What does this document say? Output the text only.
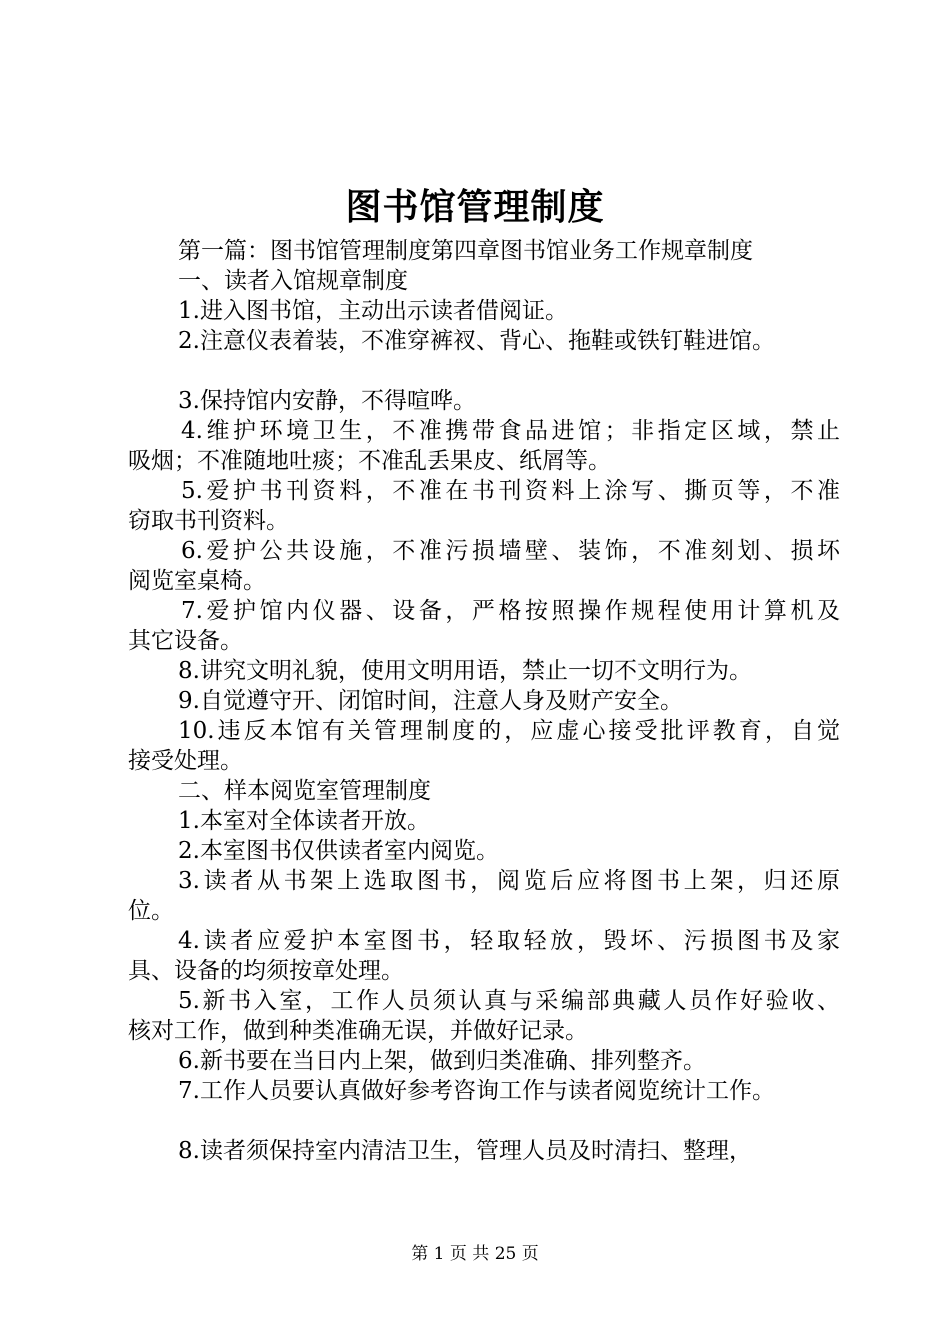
图书馆管理制度
第一篇：图书馆管理制度第四章图书馆业务工作规章制度
一、读者入馆规章制度
1.进入图书馆，主动出示读者借阅证。
2.注意仪表着装，不准穿裤衩、背心、拖鞋或铁钉鞋进馆。
3.保持馆内安静，不得喧哗。
4.维护环境卫生，不准携带食品进馆；非指定区域，禁止
吸烟；不准随地吐痰；不准乱丢果皮、纸屑等。
5.爱护书刊资料，不准在书刊资料上涂写、撕页等，不准
窃取书刊资料。
6.爱护公共设施，不准污损墙壁、装饰，不准刻划、损坏
阅览室桌椅。
7.爱护馆内仪器、设备，严格按照操作规程使用计算机及
其它设备。
8.讲究文明礼貌，使用文明用语，禁止一切不文明行为。
9.自觉遵守开、闭馆时间，注意人身及财产安全。
10.违反本馆有关管理制度的，应虚心接受批评教育，自觉
接受处理。
二、样本阅览室管理制度
1.本室对全体读者开放。
2.本室图书仅供读者室内阅览。
3.读者从书架上选取图书，阅览后应将图书上架，归还原
位。
4.读者应爱护本室图书，轻取轻放，毁坏、污损图书及家
具、设备的均须按章处理。
5.新书入室，工作人员须认真与采编部典藏人员作好验收、
核对工作，做到种类准确无误，并做好记录。
6.新书要在当日内上架，做到归类准确、排列整齐。
7.工作人员要认真做好参考咨询工作与读者阅览统计工作。
8.读者须保持室内清洁卫生，管理人员及时清扫、整理，
第 1 页 共 25 页
